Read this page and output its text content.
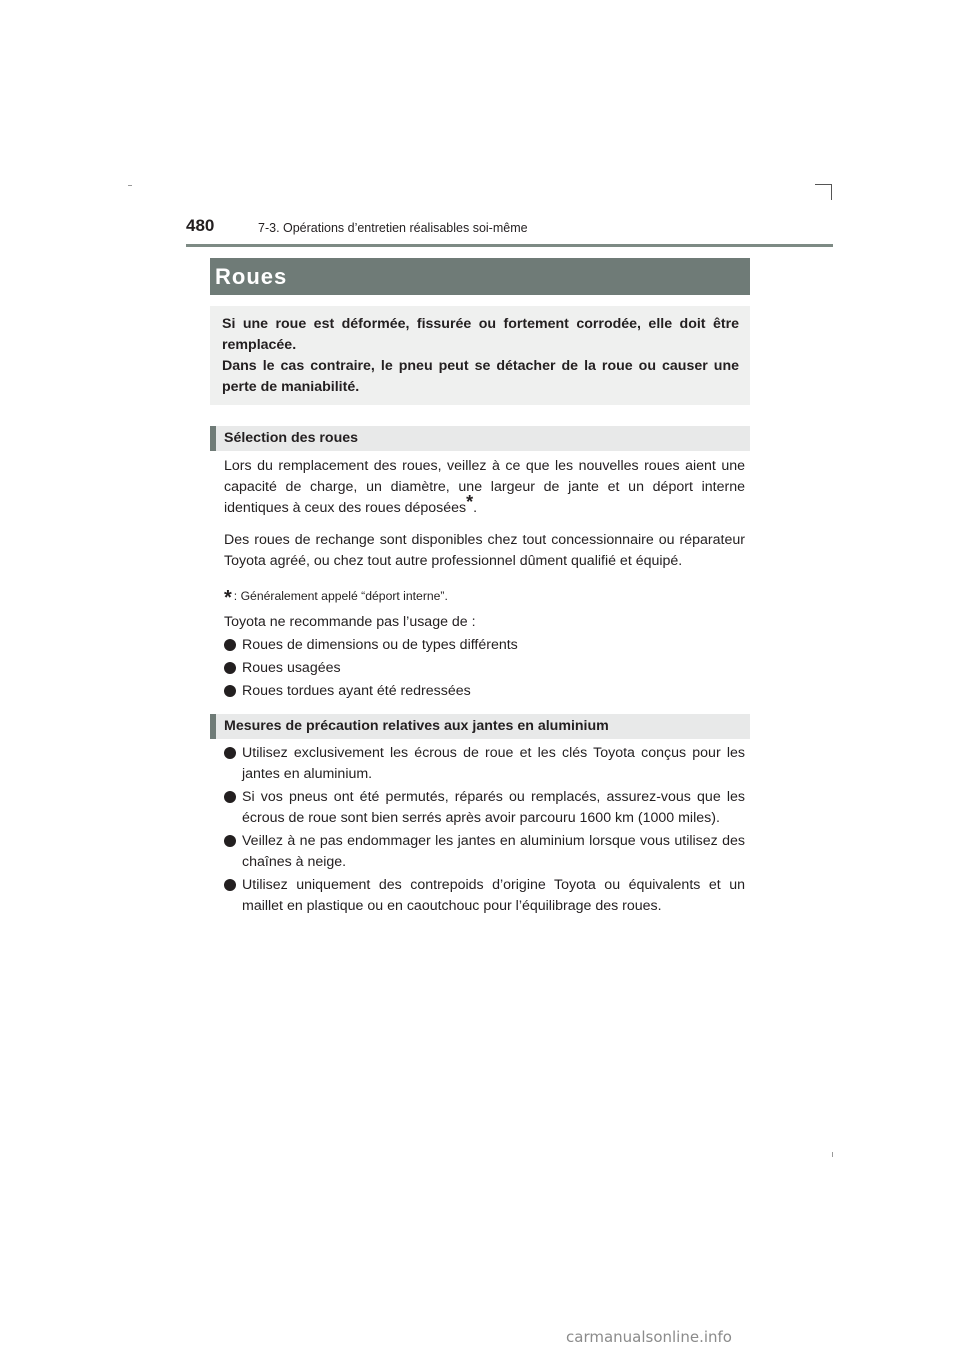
480	7-3. Opérations d’entretien réalisables soi-même
Roues

Si une roue est déformée, fissurée ou fortement corrodée, elle doit être remplacée.

Dans le cas contraire, le pneu peut se détacher de la roue ou causer une perte de maniabilité.

Sélection des roues

Lors du remplacement des roues, veillez à ce que les nouvelles roues aient une capacité de charge, un diamètre, une largeur de jante et un déport interne identiques à ceux des roues déposées*.

Des roues de rechange sont disponibles chez tout concessionnaire ou réparateur Toyota agréé, ou chez tout autre professionnel dûment qualifié et équipé.

* : Généralement appelé “déport interne”.
Toyota ne recommande pas l’usage de :
Roues de dimensions ou de types différents
Roues usagées
Roues tordues ayant été redressées
Mesures de précaution relatives aux jantes en aluminium
Utilisez exclusivement les écrous de roue et les clés Toyota conçus pour les jantes en aluminium.
Si vos pneus ont été permutés, réparés ou remplacés, assurez-vous que les écrous de roue sont bien serrés après avoir parcouru 1600 km (1000 miles).
Veillez à ne pas endommager les jantes en aluminium lorsque vous utilisez des chaînes à neige.
Utilisez uniquement des contrepoids d’origine Toyota ou équivalents et un maillet en plastique ou en caoutchouc pour l’équilibrage des roues.
carmanualsonline.info
